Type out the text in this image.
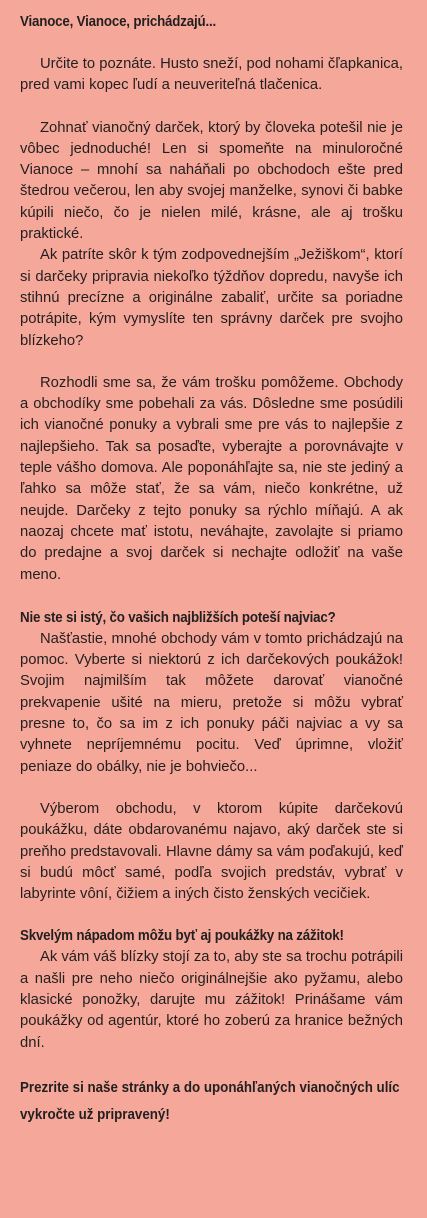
Vianoce, Vianoce, prichádzajú...

Určite to poznáte. Husto sneží, pod nohami čľapkanica, pred vami kopec ľudí a neuveriteľná tlačenica.

Zohnať vianočný darček, ktorý by človeka potešil nie je vôbec jednoduché! Len si spomeňte na minuloročné Vianoce – mnohí sa naháňali po obchodoch ešte pred štedrou večerou, len aby svojej manželke, synovi či babke kúpili niečo, čo je nielen milé, krásne, ale aj trošku praktické.

Ak patríte skôr k tým zodpovednejším „Ježiškom“, ktorí si darčeky pripravia niekoľko týždňov dopredu, navyše ich stihnú precízne a originálne zabaliť, určite sa poriadne potrápite, kým vymyslíte ten správny darček pre svojho blízkeho?

Rozhodli sme sa, že vám trošku pomôžeme. Obchody a obchodíky sme pobehali za vás. Dôsledne sme posúdili ich vianočné ponuky a vybrali sme pre vás to najlepšie z najlepšieho. Tak sa posaďte, vyberajte a porovnávajte v teple vášho domova. Ale poponáhľajte sa, nie ste jediný a ľahko sa môže stať, že sa vám, niečo konkrétne, už neujde. Darčeky z tejto ponuky sa rýchlo míňajú. A ak naozaj chcete mať istotu, neváhajte, zavolajte si priamo do predajne a svoj darček si nechajte odložiť na vaše meno.

Nie ste si istý, čo vašich najbližších poteší najviac?

Našťastie, mnohé obchody vám v tomto prichádzajú na pomoc. Vyberte si niektorú z ich darčekových poukážok! Svojim najmilším tak môžete darovať vianočné prekvapenie ušité na mieru, pretože si môžu vybrať presne to, čo sa im z ich ponuky páči najviac a vy sa vyhnete nepríjemnému pocitu. Veď úprimne, vložiť peniaze do obálky, nie je bohviečo...

Výberom obchodu, v ktorom kúpite darčekovú poukážku, dáte obdarovanému najavo, aký darček ste si preňho predstavovali. Hlavne dámy sa vám poďakujú, keď si budú môcť samé, podľa svojich predstáv, vybrať v labyrinte vôní, čižiem a iných čisto ženských vecičiek.

Skvelým nápadom môžu byť aj poukážky na zážitok!

Ak vám váš blízky stojí za to, aby ste sa trochu potrápili a našli pre neho niečo originálnejšie ako pyžamu, alebo klasické ponožky, darujte mu zážitok! Prinášame vám poukážky od agentúr, ktoré ho zoberú za hranice bežných dní.

Prezrite si naše stránky a do uponáhľaných vianočných ulíc vykročte už pripravený!
